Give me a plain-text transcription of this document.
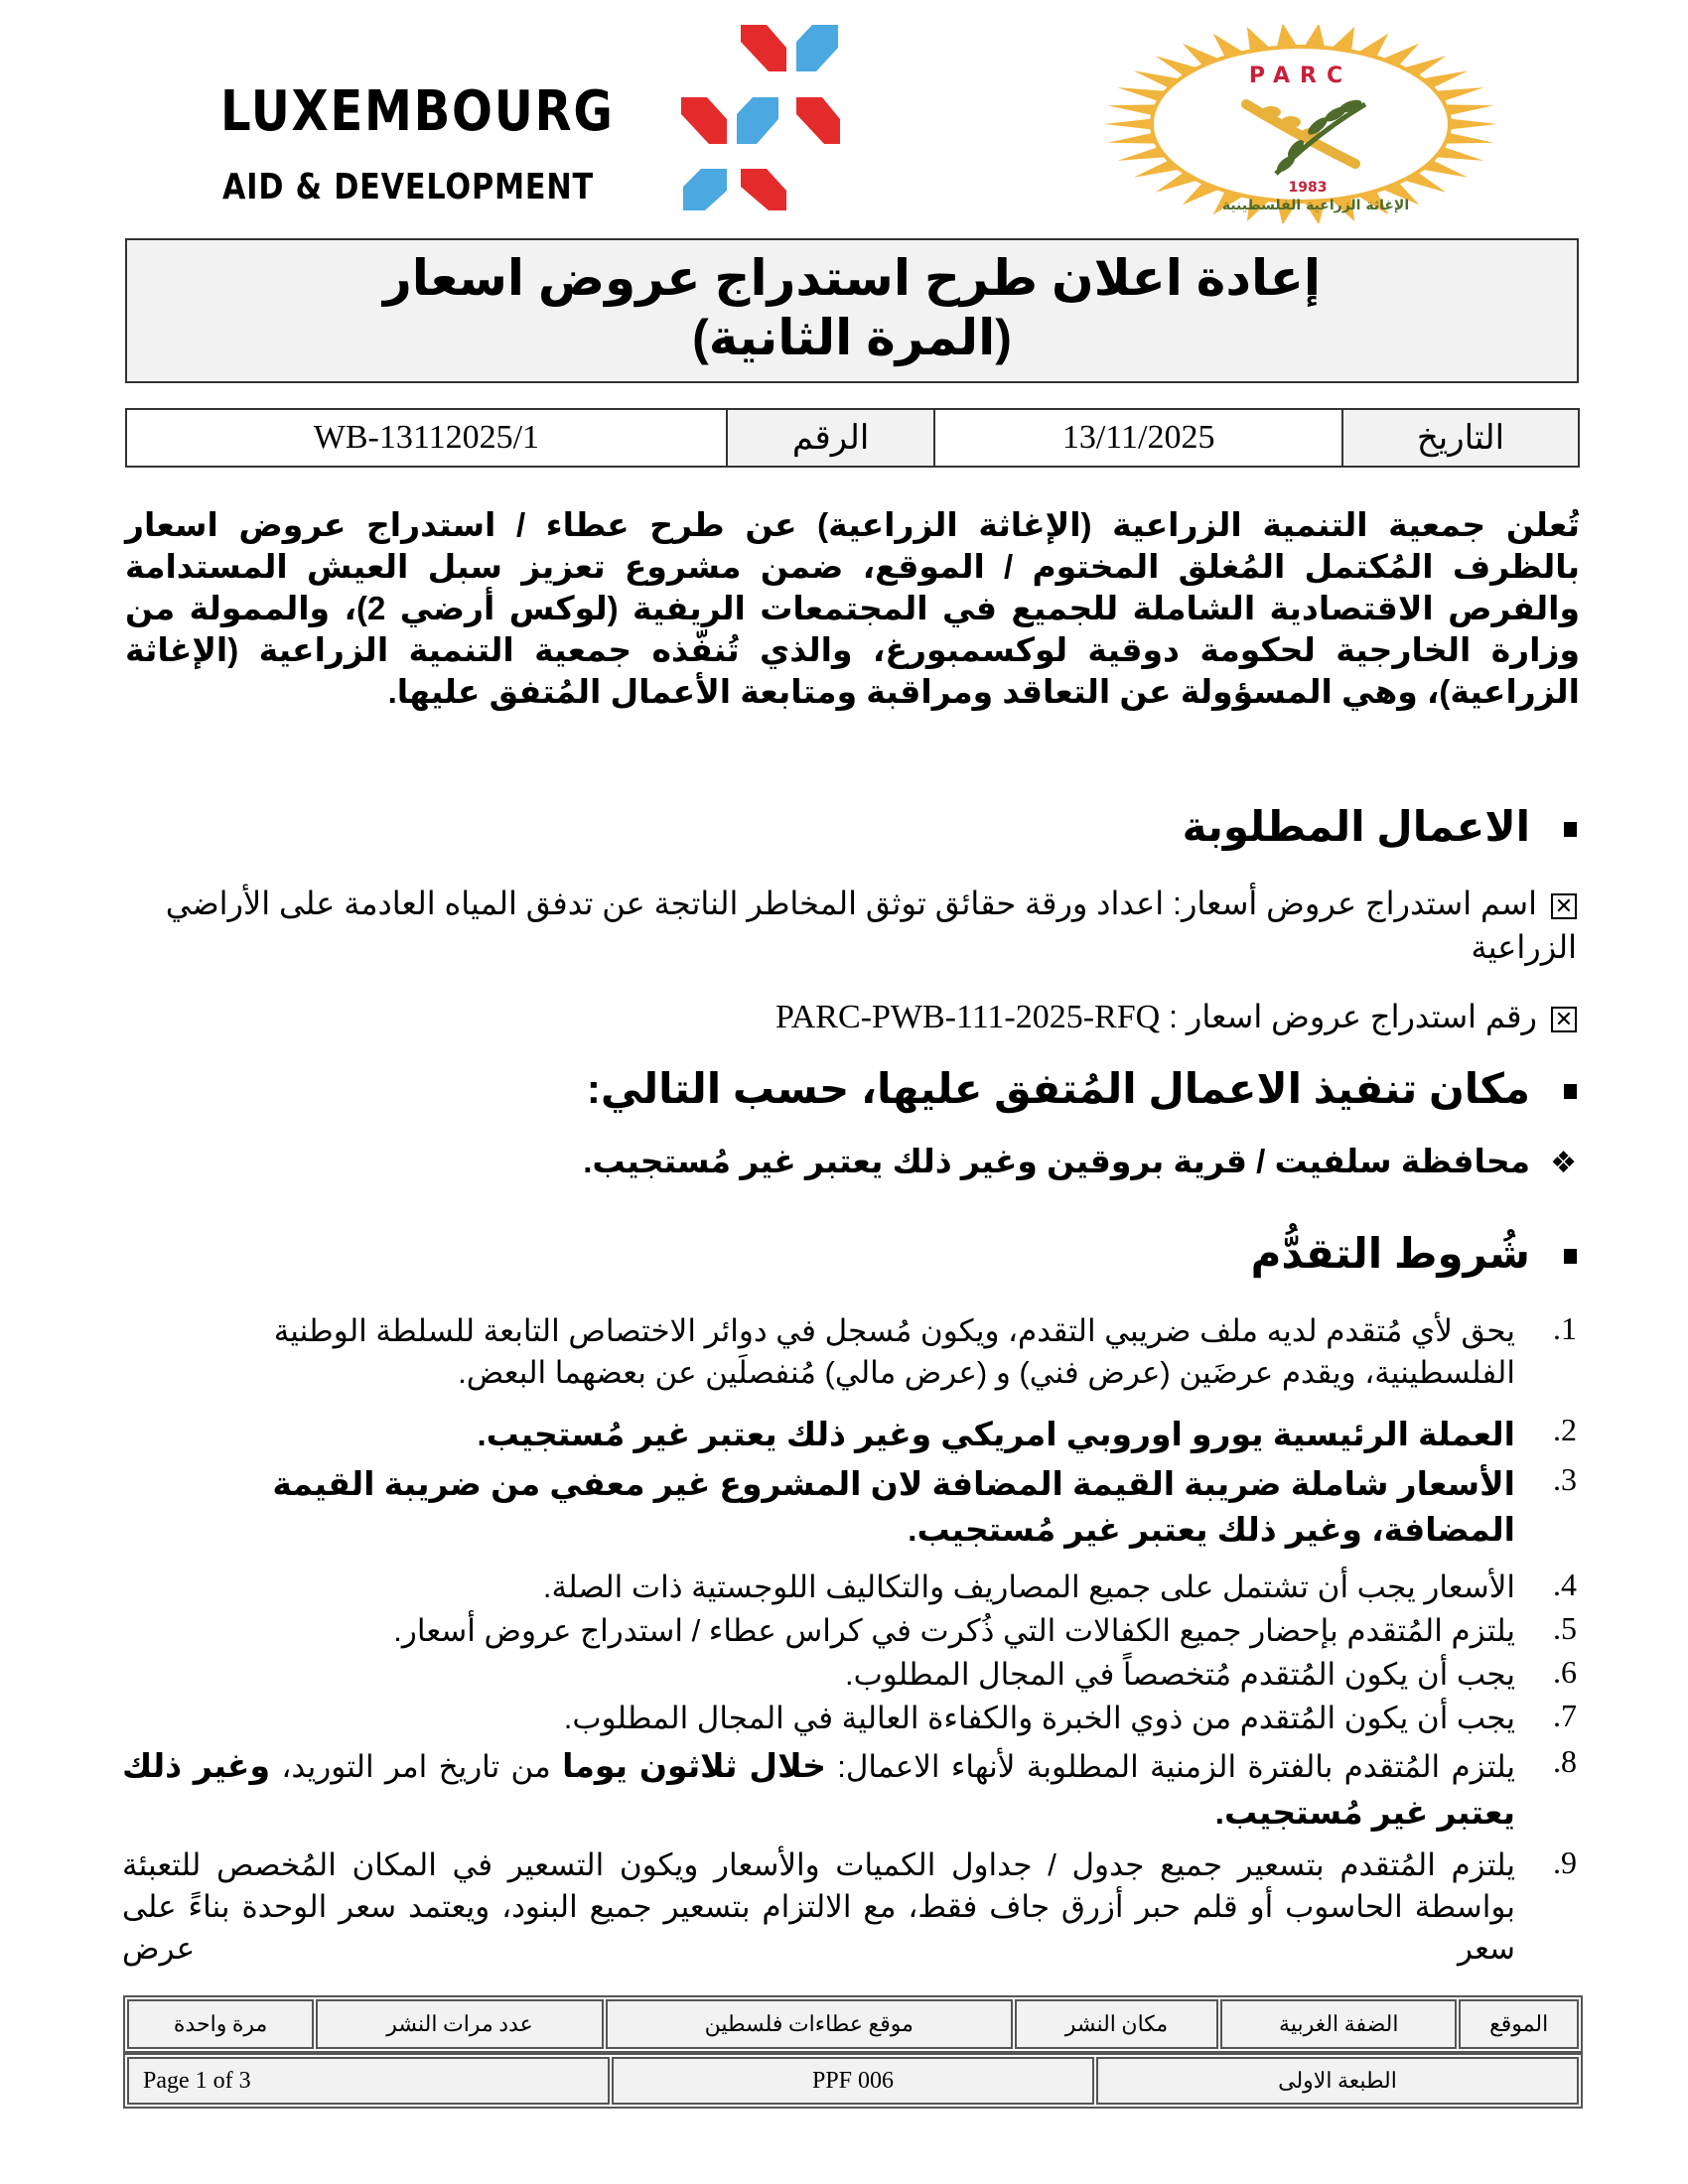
LUXEMBOURG
AID & DEVELOPMENT
PARC
1983
الإغاثة الزراعية الفلسطينية
إعادة اعلان طرح استدراج عروض اسعار
(المرة الثانية)
التاريخ	13/11/2025	الرقم	WB-13112025/1
تُعلن جمعية التنمية الزراعية (الإغاثة الزراعية) عن طرح عطاء / استدراج عروض اسعار بالظرف المُكتمل المُغلق المختوم / الموقع، ضمن مشروع تعزيز سبل العيش المستدامة والفرص الاقتصادية الشاملة للجميع في المجتمعات الريفية (لوكس أرضي 2)، والممولة من وزارة الخارجية لحكومة دوقية لوكسمبورغ، والذي تُنفّذه جمعية التنمية الزراعية (الإغاثة الزراعية)، وهي المسؤولة عن التعاقد ومراقبة ومتابعة الأعمال المُتفق عليها.
الاعمال المطلوبة
✕اسم استدراج عروض أسعار: اعداد ورقة حقائق توثق المخاطر الناتجة عن تدفق المياه العادمة على الأراضي الزراعية
✕رقم استدراج عروض اسعار : PARC-PWB-111-2025-RFQ
مكان تنفيذ الاعمال المُتفق عليها، حسب التالي:
❖محافظة سلفيت / قرية بروقين وغير ذلك يعتبر غير مُستجيب.
شُروط التقدُّم
1.
يحق لأي مُتقدم لديه ملف ضريبي التقدم، ويكون مُسجل في دوائر الاختصاص التابعة للسلطة الوطنية الفلسطينية، ويقدم عرضَين (عرض فني) و (عرض مالي) مُنفصلَين عن بعضهما البعض.
2.
العملة الرئيسية يورو اوروبي امريكي وغير ذلك يعتبر غير مُستجيب.
3.
الأسعار شاملة ضريبة القيمة المضافة لان المشروع غير معفي من ضريبة القيمة المضافة، وغير ذلك يعتبر غير مُستجيب.
4.
الأسعار يجب أن تشتمل على جميع المصاريف والتكاليف اللوجستية ذات الصلة.
5.
يلتزم المُتقدم بإحضار جميع الكفالات التي ذُكرت في كراس عطاء / استدراج عروض أسعار.
6.
يجب أن يكون المُتقدم مُتخصصاً في المجال المطلوب.
7.
يجب أن يكون المُتقدم من ذوي الخبرة والكفاءة العالية في المجال المطلوب.
8.
يلتزم المُتقدم بالفترة الزمنية المطلوبة لأنهاء الاعمال: خلال ثلاثون يوما من تاريخ امر التوريد، وغير ذلك يعتبر غير مُستجيب.
9.
يلتزم المُتقدم بتسعير جميع جدول / جداول الكميات والأسعار ويكون التسعير في المكان المُخصص للتعبئة بواسطة الحاسوب أو قلم حبر أزرق جاف فقط، مع الالتزام بتسعير جميع البنود، ويعتمد سعر الوحدة بناءً على سعر عرض
الموقع	الضفة الغربية	مكان النشر	موقع عطاءات فلسطين	عدد مرات النشر	مرة واحدة
الطبعة الاولى	PPF 006	Page 1 of 3
